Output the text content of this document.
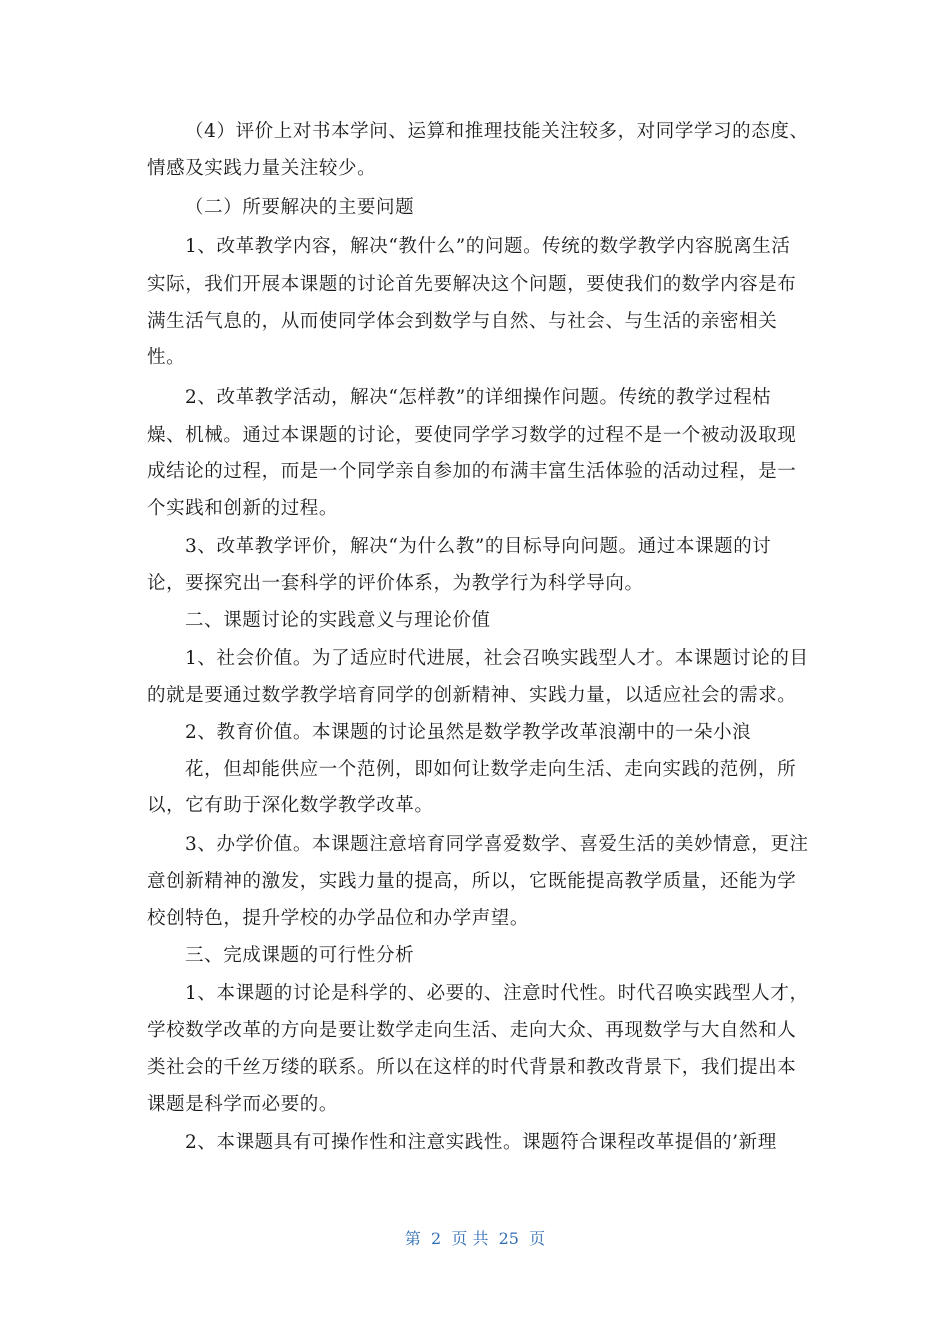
（4）评价上对书本学问、运算和推理技能关注较多，对同学学习的态度、
情感及实践力量关注较少。
（二）所要解决的主要问题
1、改革教学内容，解决“教什么”的问题。传统的数学教学内容脱离生活
实际，我们开展本课题的讨论首先要解决这个问题，要使我们的数学内容是布
满生活气息的，从而使同学体会到数学与自然、与社会、与生活的亲密相关
性。
2、改革教学活动，解决“怎样教”的详细操作问题。传统的教学过程枯
燥、机械。通过本课题的讨论，要使同学学习数学的过程不是一个被动汲取现
成结论的过程，而是一个同学亲自参加的布满丰富生活体验的活动过程，是一
个实践和创新的过程。
3、改革教学评价，解决“为什么教”的目标导向问题。通过本课题的讨
论，要探究出一套科学的评价体系，为教学行为科学导向。
二、课题讨论的实践意义与理论价值
1、社会价值。为了适应时代进展，社会召唤实践型人才。本课题讨论的目
的就是要通过数学教学培育同学的创新精神、实践力量，以适应社会的需求。
2、教育价值。本课题的讨论虽然是数学教学改革浪潮中的一朵小浪
花，但却能供应一个范例，即如何让数学走向生活、走向实践的范例，所
以，它有助于深化数学教学改革。
3、办学价值。本课题注意培育同学喜爱数学、喜爱生活的美妙情意，更注
意创新精神的激发，实践力量的提高，所以，它既能提高教学质量，还能为学
校创特色，提升学校的办学品位和办学声望。
三、完成课题的可行性分析
1、本课题的讨论是科学的、必要的、注意时代性。时代召唤实践型人才，
学校数学改革的方向是要让数学走向生活、走向大众、再现数学与大自然和人
类社会的千丝万缕的联系。所以在这样的时代背景和教改背景下，我们提出本
课题是科学而必要的。
2、本课题具有可操作性和注意实践性。课题符合课程改革提倡的’新理
第  2  页 共  25  页
